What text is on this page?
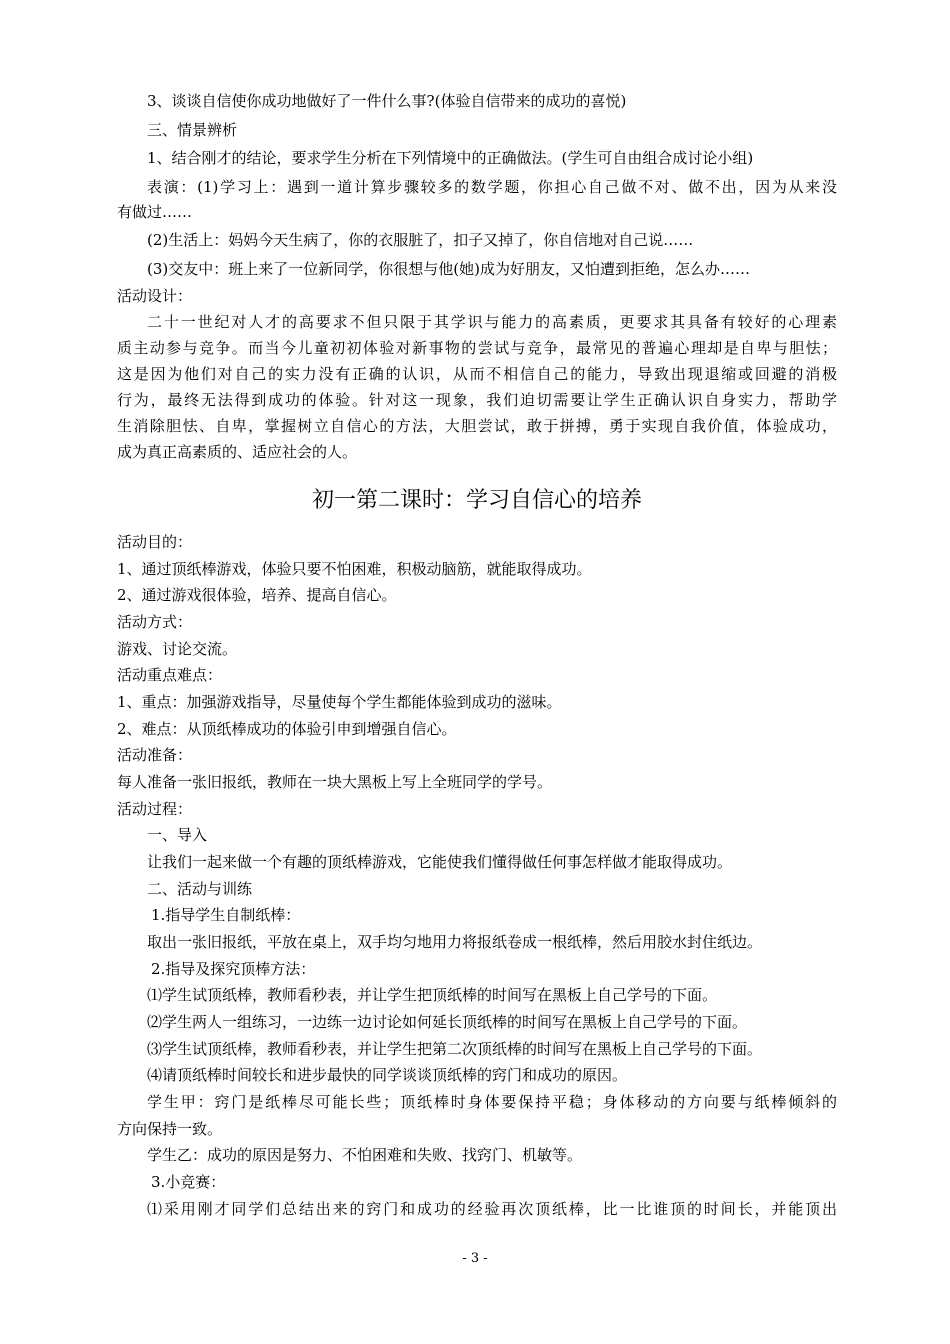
3、谈谈自信使你成功地做好了一件什么事?(体验自信带来的成功的喜悦)
三、情景辨析
1、结合刚才的结论，要求学生分析在下列情境中的正确做法。(学生可自由组合成讨论小组)
表演：(1)学习上：遇到一道计算步骤较多的数学题，你担心自己做不对、做不出，因为从来没
有做过……
(2)生活上：妈妈今天生病了，你的衣服脏了，扣子又掉了，你自信地对自己说……
(3)交友中：班上来了一位新同学，你很想与他(她)成为好朋友，又怕遭到拒绝，怎么办……
活动设计：
二十一世纪对人才的高要求不但只限于其学识与能力的高素质，更要求其具备有较好的心理素
质主动参与竞争。而当今儿童初初体验对新事物的尝试与竞争，最常见的普遍心理却是自卑与胆怯；
这是因为他们对自己的实力没有正确的认识，从而不相信自己的能力，导致出现退缩或回避的消极
行为，最终无法得到成功的体验。针对这一现象，我们迫切需要让学生正确认识自身实力，帮助学
生消除胆怯、自卑，掌握树立自信心的方法，大胆尝试，敢于拼搏，勇于实现自我价值，体验成功，
成为真正高素质的、适应社会的人。
初一第二课时：学习自信心的培养
活动目的：
1、通过顶纸棒游戏，体验只要不怕困难，积极动脑筋，就能取得成功。
2、通过游戏很体验，培养、提高自信心。
活动方式：
游戏、讨论交流。
活动重点难点：
1、重点：加强游戏指导，尽量使每个学生都能体验到成功的滋味。
2、难点：从顶纸棒成功的体验引申到增强自信心。
活动准备：
每人准备一张旧报纸，教师在一块大黑板上写上全班同学的学号。
活动过程：
一、导入
让我们一起来做一个有趣的顶纸棒游戏，它能使我们懂得做任何事怎样做才能取得成功。
二、活动与训练
1.指导学生自制纸棒：
取出一张旧报纸，平放在桌上，双手均匀地用力将报纸卷成一根纸棒，然后用胶水封住纸边。
2.指导及探究顶棒方法：
⑴学生试顶纸棒，教师看秒表，并让学生把顶纸棒的时间写在黑板上自己学号的下面。
⑵学生两人一组练习，一边练一边讨论如何延长顶纸棒的时间写在黑板上自己学号的下面。
⑶学生试顶纸棒，教师看秒表，并让学生把第二次顶纸棒的时间写在黑板上自己学号的下面。
⑷请顶纸棒时间较长和进步最快的同学谈谈顶纸棒的窍门和成功的原因。
学生甲：窍门是纸棒尽可能长些；顶纸棒时身体要保持平稳；身体移动的方向要与纸棒倾斜的
方向保持一致。
学生乙：成功的原因是努力、不怕困难和失败、找窍门、机敏等。
3.小竞赛：
⑴采用刚才同学们总结出来的窍门和成功的经验再次顶纸棒，比一比谁顶的时间长，并能顶出
- 3 -
